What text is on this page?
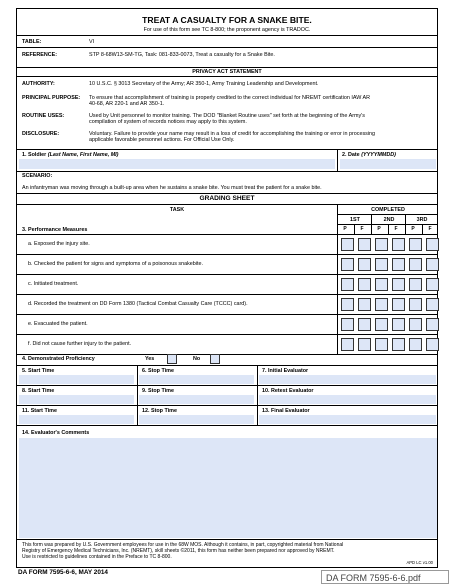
TREAT A CASUALTY FOR A SNAKE BITE.
For use of this form see TC 8-800; the proponent agency is TRADOC.
TABLE:	VI
REFERENCE:	STP 8-68W13-SM-TG, Task: 081-833-0073, Treat a casualty for a Snake Bite.
PRIVACY ACT STATEMENT
AUTHORITY:	10 U.S.C. § 3013 Secretary of the Army; AR 350-1, Army Training Leadership and Development.
PRINCIPAL PURPOSE: To ensure that accomplishment of training is properly credited to the correct individual for NREMT certification IAW AR 40-68, AR 220-1 and AR 350-1.
ROUTINE USES:	Used by Unit personnel to monitor training. The DOD "Blanket Routine uses" set forth at the beginning of the Army's compilation of system of records notices may apply to this system.
DISCLOSURE:	Voluntary. Failure to provide your name may result in a loss of credit for accomplishing the training or error in processing applicable favorable personnel actions. For Official Use Only.
1. Soldier (Last Name, First Name, MI)	2. Date (YYYYMMDD)
SCENARIO:
An infantryman was moving through a built-up area when he sustains a snake bite. You must treat the patient for a snake bite.
GRADING SHEET
TASK	COMPLETED
1ST	2ND	3RD
P	F	P	F	P	F
3. Performance Measures
a. Exposed the injury site.
b. Checked the patient for signs and symptoms of a poisonous snakebite.
c. Initiated treatment.
d. Recorded the treatment on DD Form 1380 (Tactical Combat Casualty Care (TCCC) card).
e. Evacuated the patient.
f. Did not cause further injury to the patient.
4. Demonstrated Proficiency	Yes	No
5. Start Time	6. Stop Time	7. Initial Evaluator
8. Start Time	9. Stop Time	10. Retest Evaluator
11. Start Time	12. Stop Time	13. Final Evaluator
14. Evaluator's Comments
This form was prepared by U.S. Government employees for use in the 68W MOS. Although it contains, in part, copyrighted material from National
Registry of Emergency Medical Technicians, Inc. (NREMT), skill sheets ©2011, this form has neither been prepared nor approved by NREMT.
Use is restricted to guidelines contained in the Preface to TC 8-800.
APD LC v1.00
DA FORM 7595-6-6, MAY 2014
DA FORM 7595-6-6.pdf
